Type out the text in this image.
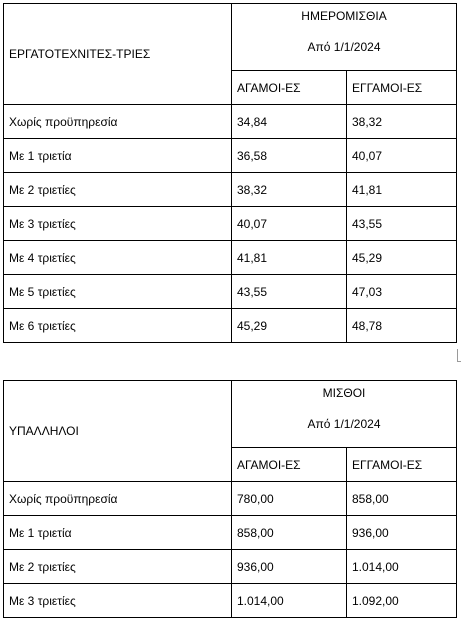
ΕΡΓΑΤΟΤΕΧΝΙΤΕΣ-ΤΡΙΕΣ	ΗΜΕΡΟΜΙΣΘΙΑ
Από 1/1/2024	

	ΑΓΑΜΟΙ-ΕΣ	ΕΓΓΑΜΟΙ-ΕΣ
Χωρίς προϋπηρεσία	34,84	38,32
Με 1 τριετία	36,58	40,07
Με 2 τριετίες	38,32	41,81
Με 3 τριετίες	40,07	43,55
Με 4 τριετίες	41,81	45,29
Με 5 τριετίες	43,55	47,03
Με 6 τριετίες	45,29	48,78
ΥΠΑΛΛΗΛΟΙ	ΜΙΣΘΟΙ
Από 1/1/2024	

	ΑΓΑΜΟΙ-ΕΣ	ΕΓΓΑΜΟΙ-ΕΣ
Χωρίς προϋπηρεσία	780,00	858,00
Με 1 τριετία	858,00	936,00
Με 2 τριετίες	936,00	1.014,00
Με 3 τριετίες	1.014,00	1.092,00
